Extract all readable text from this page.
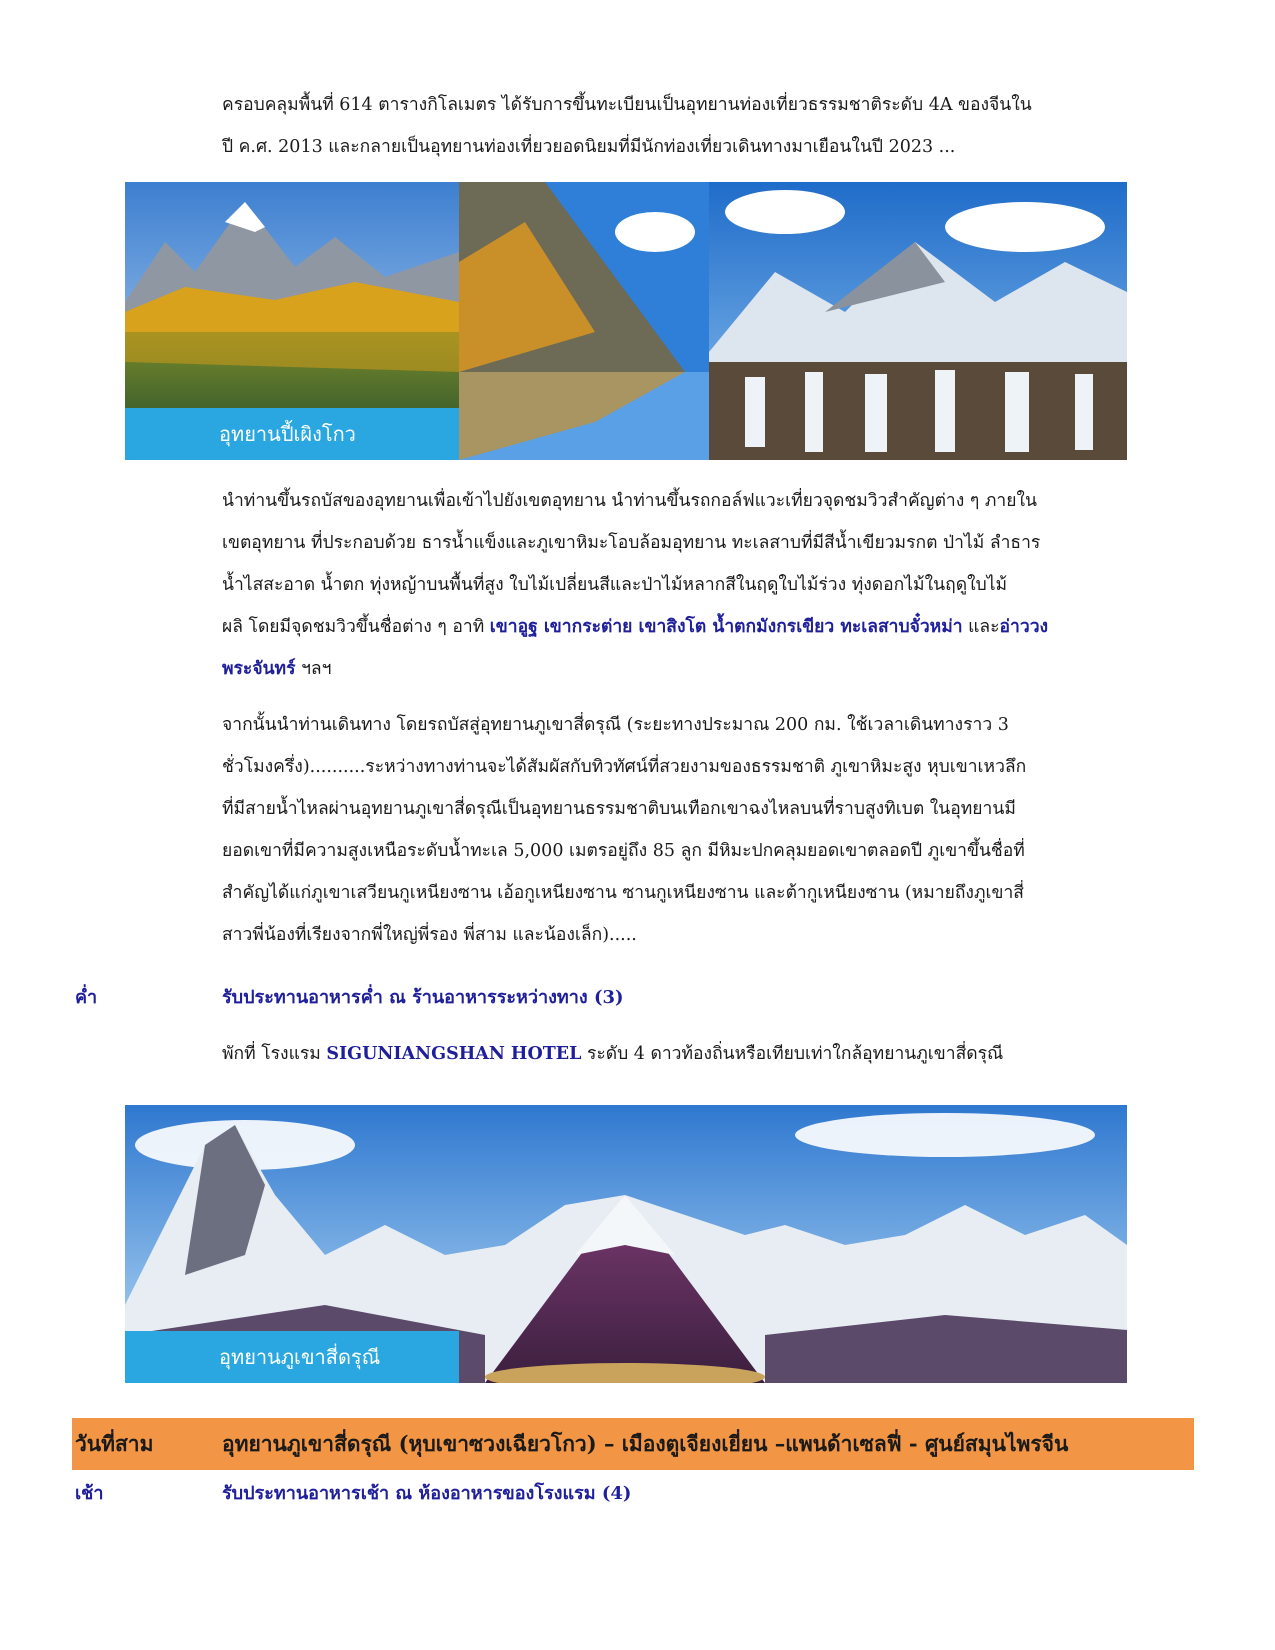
ครอบคลุมพื้นที่ 614 ตารางกิโลเมตร ได้รับการขึ้นทะเบียนเป็นอุทยานท่องเที่ยวธรรมชาติระดับ 4A ของจีนใน

ปี ค.ศ. 2013 และกลายเป็นอุทยานท่องเที่ยวยอดนิยมที่มีนักท่องเที่ยวเดินทางมาเยือนในปี 2023 ...

อุทยานปี้เผิงโกว

นำท่านขึ้นรถบัสของอุทยานเพื่อเข้าไปยังเขตอุทยาน นำท่านขึ้นรถกอล์ฟแวะเที่ยวจุดชมวิวสำคัญต่าง ๆ ภายใน

เขตอุทยาน ที่ประกอบด้วย ธารน้ำแข็งและภูเขาหิมะโอบล้อมอุทยาน ทะเลสาบที่มีสีน้ำเขียวมรกต ป่าไม้ ลำธาร

น้ำไสสะอาด น้ำตก ทุ่งหญ้าบนพื้นที่สูง ใบไม้เปลี่ยนสีและป่าไม้หลากสีในฤดูใบไม้ร่วง ทุ่งดอกไม้ในฤดูใบไม้

ผลิ โดยมีจุดชมวิวขึ้นชื่อต่าง ๆ อาทิ เขาอูฐ เขากระต่าย เขาสิงโต น้ำตกมังกรเขียว ทะเลสาบจั๋วหม่า และอ่าววง

พระจันทร์ ฯลฯ

จากนั้นนำท่านเดินทาง โดยรถบัสสู่อุทยานภูเขาสี่ดรุณี (ระยะทางประมาณ 200 กม. ใช้เวลาเดินทางราว 3

ชั่วโมงครึ่ง)..........ระหว่างทางท่านจะได้สัมผัสกับทิวทัศน์ที่สวยงามของธรรมชาติ ภูเขาหิมะสูง หุบเขาเหวลึก

ที่มีสายน้ำไหลผ่านอุทยานภูเขาสี่ดรุณีเป็นอุทยานธรรมชาติบนเทือกเขาฉงไหลบนที่ราบสูงทิเบต ในอุทยานมี

ยอดเขาที่มีความสูงเหนือระดับน้ำทะเล 5,000 เมตรอยู่ถึง 85 ลูก มีหิมะปกคลุมยอดเขาตลอดปี ภูเขาขึ้นชื่อที่

สำคัญได้แก่ภูเขาเสวียนกูเหนียงซาน เอ้อกูเหนียงซาน ซานกูเหนียงซาน และต้ากูเหนียงซาน (หมายถึงภูเขาสี่

สาวพี่น้องที่เรียงจากพี่ใหญ่พี่รอง พี่สาม และน้องเล็ก).....

ค่ำ	รับประทานอาหารค่ำ ณ ร้านอาหารระหว่างทาง (3)
พักที่ โรงแรม SIGUNIANGSHAN HOTEL ระดับ 4 ดาวท้องถิ่นหรือเทียบเท่าใกล้อุทยานภูเขาสี่ดรุณี
อุทยานภูเขาสี่ดรุณี
วันที่สาม	อุทยานภูเขาสี่ดรุณี (หุบเขาซวงเฉียวโกว) – เมืองตูเจียงเยี่ยน –แพนด้าเซลฟี่ - ศูนย์สมุนไพรจีน
เช้า	รับประทานอาหารเช้า ณ ห้องอาหารของโรงแรม (4)
